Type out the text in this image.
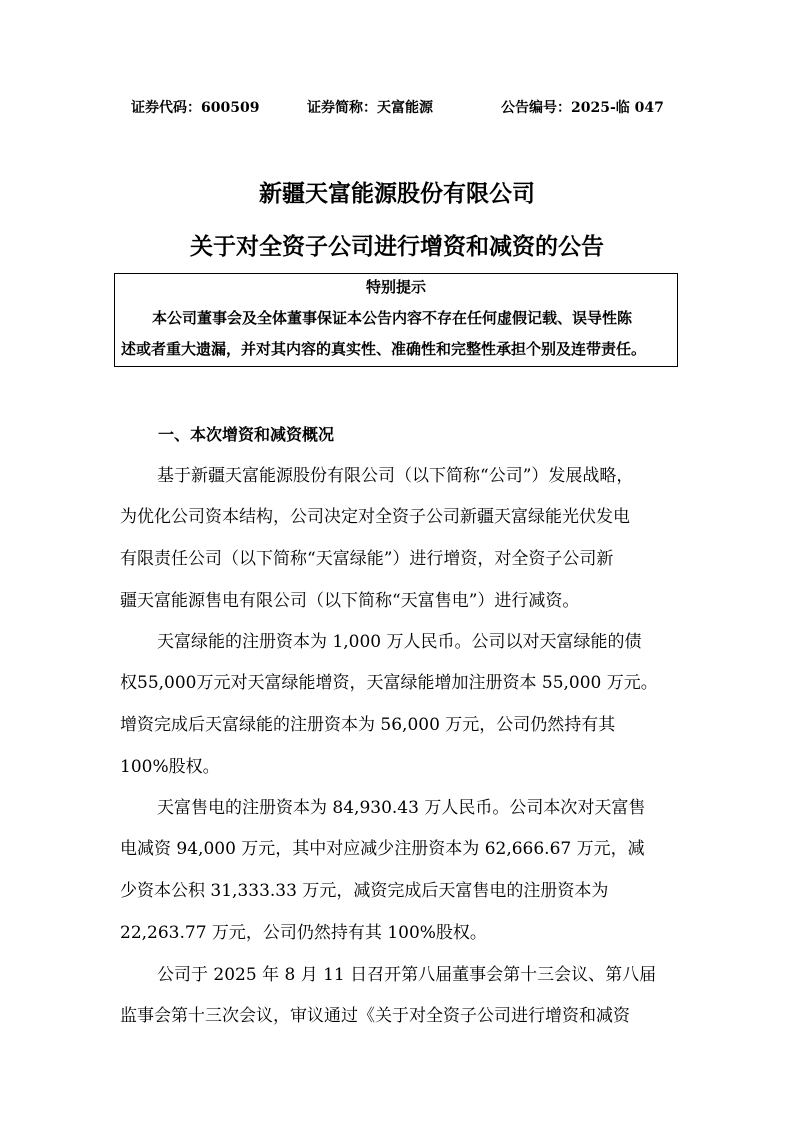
证券代码：600509	证券简称：天富能源	公告编号：2025-临 047
新疆天富能源股份有限公司
关于对全资子公司进行增资和减资的公告
特别提示
本公司董事会及全体董事保证本公告内容不存在任何虚假记载、误导性陈
述或者重大遗漏，并对其内容的真实性、准确性和完整性承担个别及连带责任。
一、本次增资和减资概况
基于新疆天富能源股份有限公司（以下简称“公司”）发展战略，
为优化公司资本结构，公司决定对全资子公司新疆天富绿能光伏发电
有限责任公司（以下简称“天富绿能”）进行增资，对全资子公司新
疆天富能源售电有限公司（以下简称“天富售电”）进行减资。
天富绿能的注册资本为 1,000 万人民币。公司以对天富绿能的债
权55,000万元对天富绿能增资，天富绿能增加注册资本 55,000 万元。
增资完成后天富绿能的注册资本为 56,000 万元，公司仍然持有其
100%股权。
天富售电的注册资本为 84,930.43 万人民币。公司本次对天富售
电减资 94,000 万元，其中对应减少注册资本为 62,666.67 万元，减
少资本公积 31,333.33 万元，减资完成后天富售电的注册资本为
22,263.77 万元，公司仍然持有其 100%股权。
公司于 2025 年 8 月 11 日召开第八届董事会第十三会议、第八届
监事会第十三次会议，审议通过《关于对全资子公司进行增资和减资
